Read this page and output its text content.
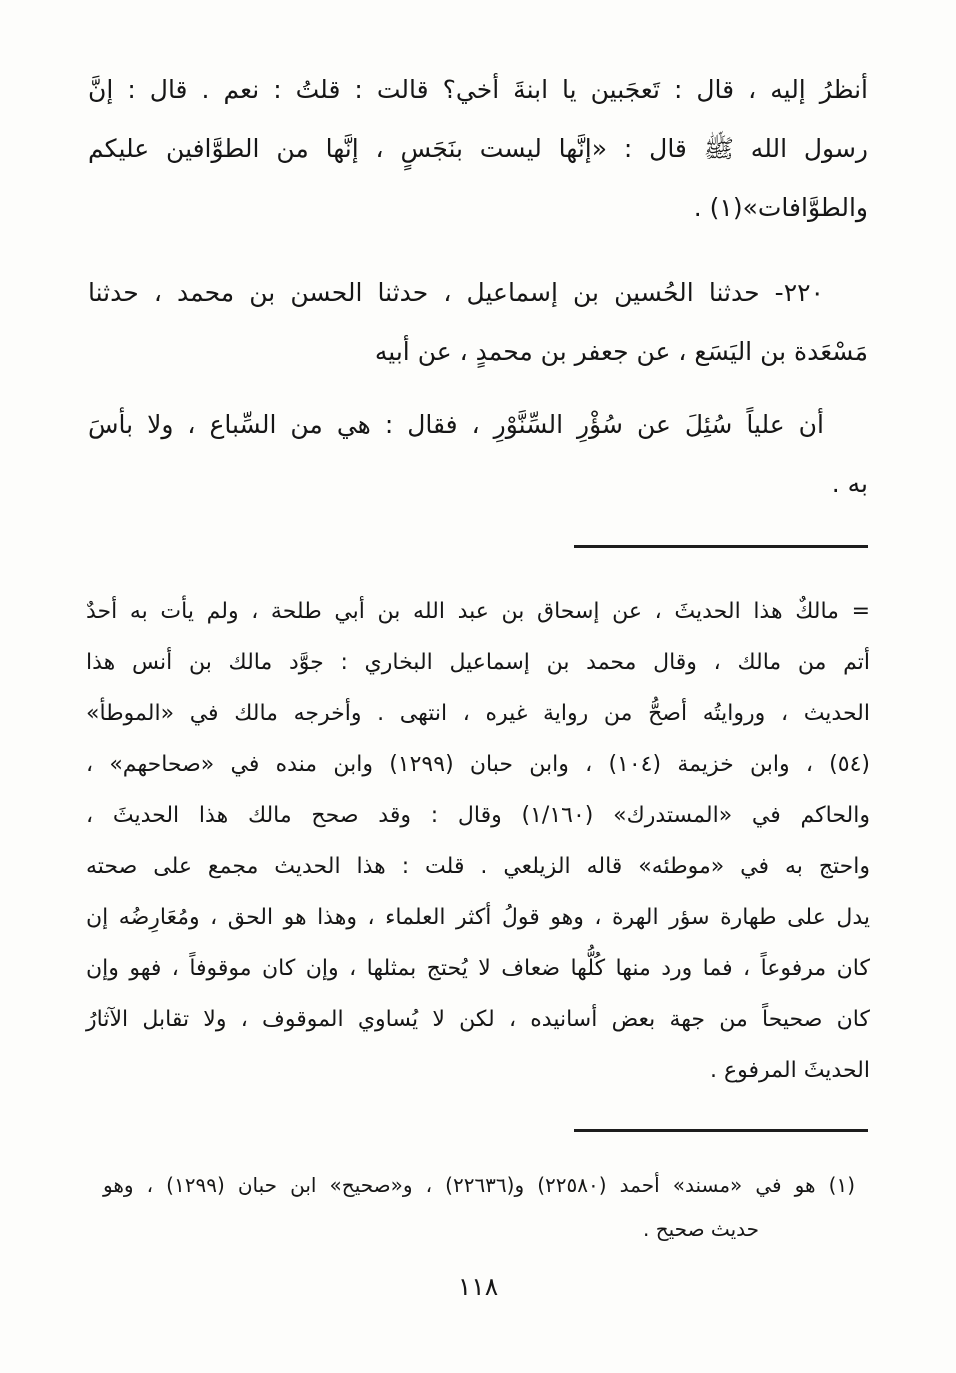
أنظرُ إليه ، قال : تَعجَبين يا ابنةَ أخي؟ قالت : قلتُ : نعم . قال : إنَّ
رسول الله ﷺ قال : «إنَّها ليست بنَجَسٍ ، إنَّها من الطوَّافين عليكم
والطوَّافات»(١) .
٢٢٠- حدثنا الحُسين بن إسماعيل ، حدثنا الحسن بن محمد ، حدثنا
مَسْعَدة بن اليَسَع ، عن جعفر بن محمدٍ ، عن أبيه
أن علياً سُئِلَ عن سُؤْرِ السِّنَّوْرِ ، فقال : هي من السِّباع ، ولا بأسَ
به .
= مالكٌ هذا الحديثَ ، عن إسحاق بن عبد الله بن أبي طلحة ، ولم يأت به أحدٌ
أتم من مالك ، وقال محمد بن إسماعيل البخاري : جوَّد مالك بن أنس هذا
الحديث ، وروايتُه أصحُّ من رواية غيره ، انتهى . وأخرجه مالك في «الموطأ»
(٥٤) ، وابن خزيمة (١٠٤) ، وابن حبان (١٢٩٩) وابن منده في «صحاحهم» ،
والحاكم في «المستدرك» (١/١٦٠) وقال : وقد صحح مالك هذا الحديثَ ،
واحتج به في «موطئه» قاله الزيلعي . قلت : هذا الحديث مجمع على صحته
يدل على طهارة سؤر الهرة ، وهو قولُ أكثر العلماء ، وهذا هو الحق ، ومُعَارِضُه إن
كان مرفوعاً ، فما ورد منها كُلُّها ضعاف لا يُحتج بمثلها ، وإن كان موقوفاً ، فهو وإن
كان صحيحاً من جهة بعض أسانيده ، لكن لا يُساوي الموقوف ، ولا تقابل الآثارُ
الحديثَ المرفوع .
(١) هو في «مسند» أحمد (٢٢٥٨٠) و(٢٢٦٣٦) ، و«صحيح» ابن حبان (١٢٩٩) ، وهو
حديث صحيح .
١١٨
